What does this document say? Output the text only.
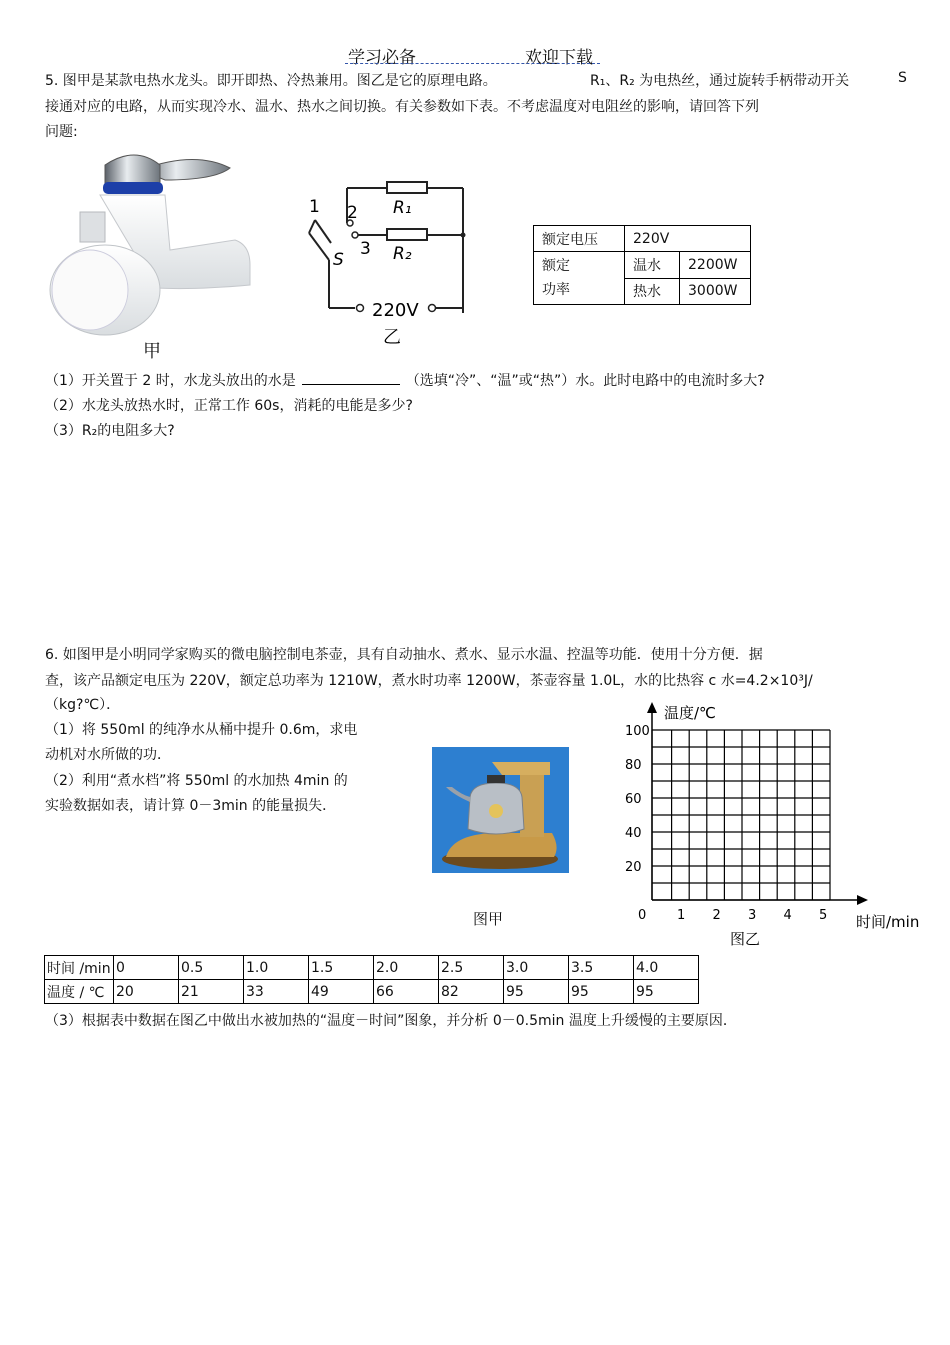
学习必备	欢迎下载
5. 图甲是某款电热水龙头。即开即热、冷热兼用。图乙是它的原理电路。	R₁、R₂ 为电热丝，通过旋转手柄带动开关	S
接通对应的电路，从而实现冷水、温水、热水之间切换。有关参数如下表。不考虑温度对电阻丝的影响，请回答下列
问题:
甲
1 2
3
S
R₁
R₂
220V
乙
额定电压	220V	

额定
功率	温水	2200W
	热水	3000W
（1）开关置于 2 时，水龙头放出的水是	（选填“冷”、“温”或“热”）水。此时电路中的电流时多大?
（2）水龙头放热水时，正常工作 60s，消耗的电能是多少?
（3）R₂的电阻多大?
6. 如图甲是小明同学家购买的微电脑控制电茶壶，具有自动抽水、煮水、显示水温、控温等功能．使用十分方便．据
查，该产品额定电压为 220V，额定总功率为 1210W，煮水时功率 1200W，茶壶容量 1.0L，水的比热容 c 水=4.2×10³J/
（kg?℃）．
（1）将 550ml 的纯净水从桶中提升 0.6m，求电
动机对水所做的功．
（2）利用“煮水档”将 550ml 的水加热 4min 的
实验数据如表，请计算 0－3min 的能量损失．
图甲
100
80
60
40
20
0 1 2 3 4 5
温度/℃
时间/min
图乙
时间 /min	0	0.5	1.0	1.5	2.0	2.5	3.0	3.5	4.0
温度 / ℃	20	21	33	49	66	82	95	95	95
（3）根据表中数据在图乙中做出水被加热的“温度－时间”图象，并分析 0－0.5min 温度上升缓慢的主要原因．
